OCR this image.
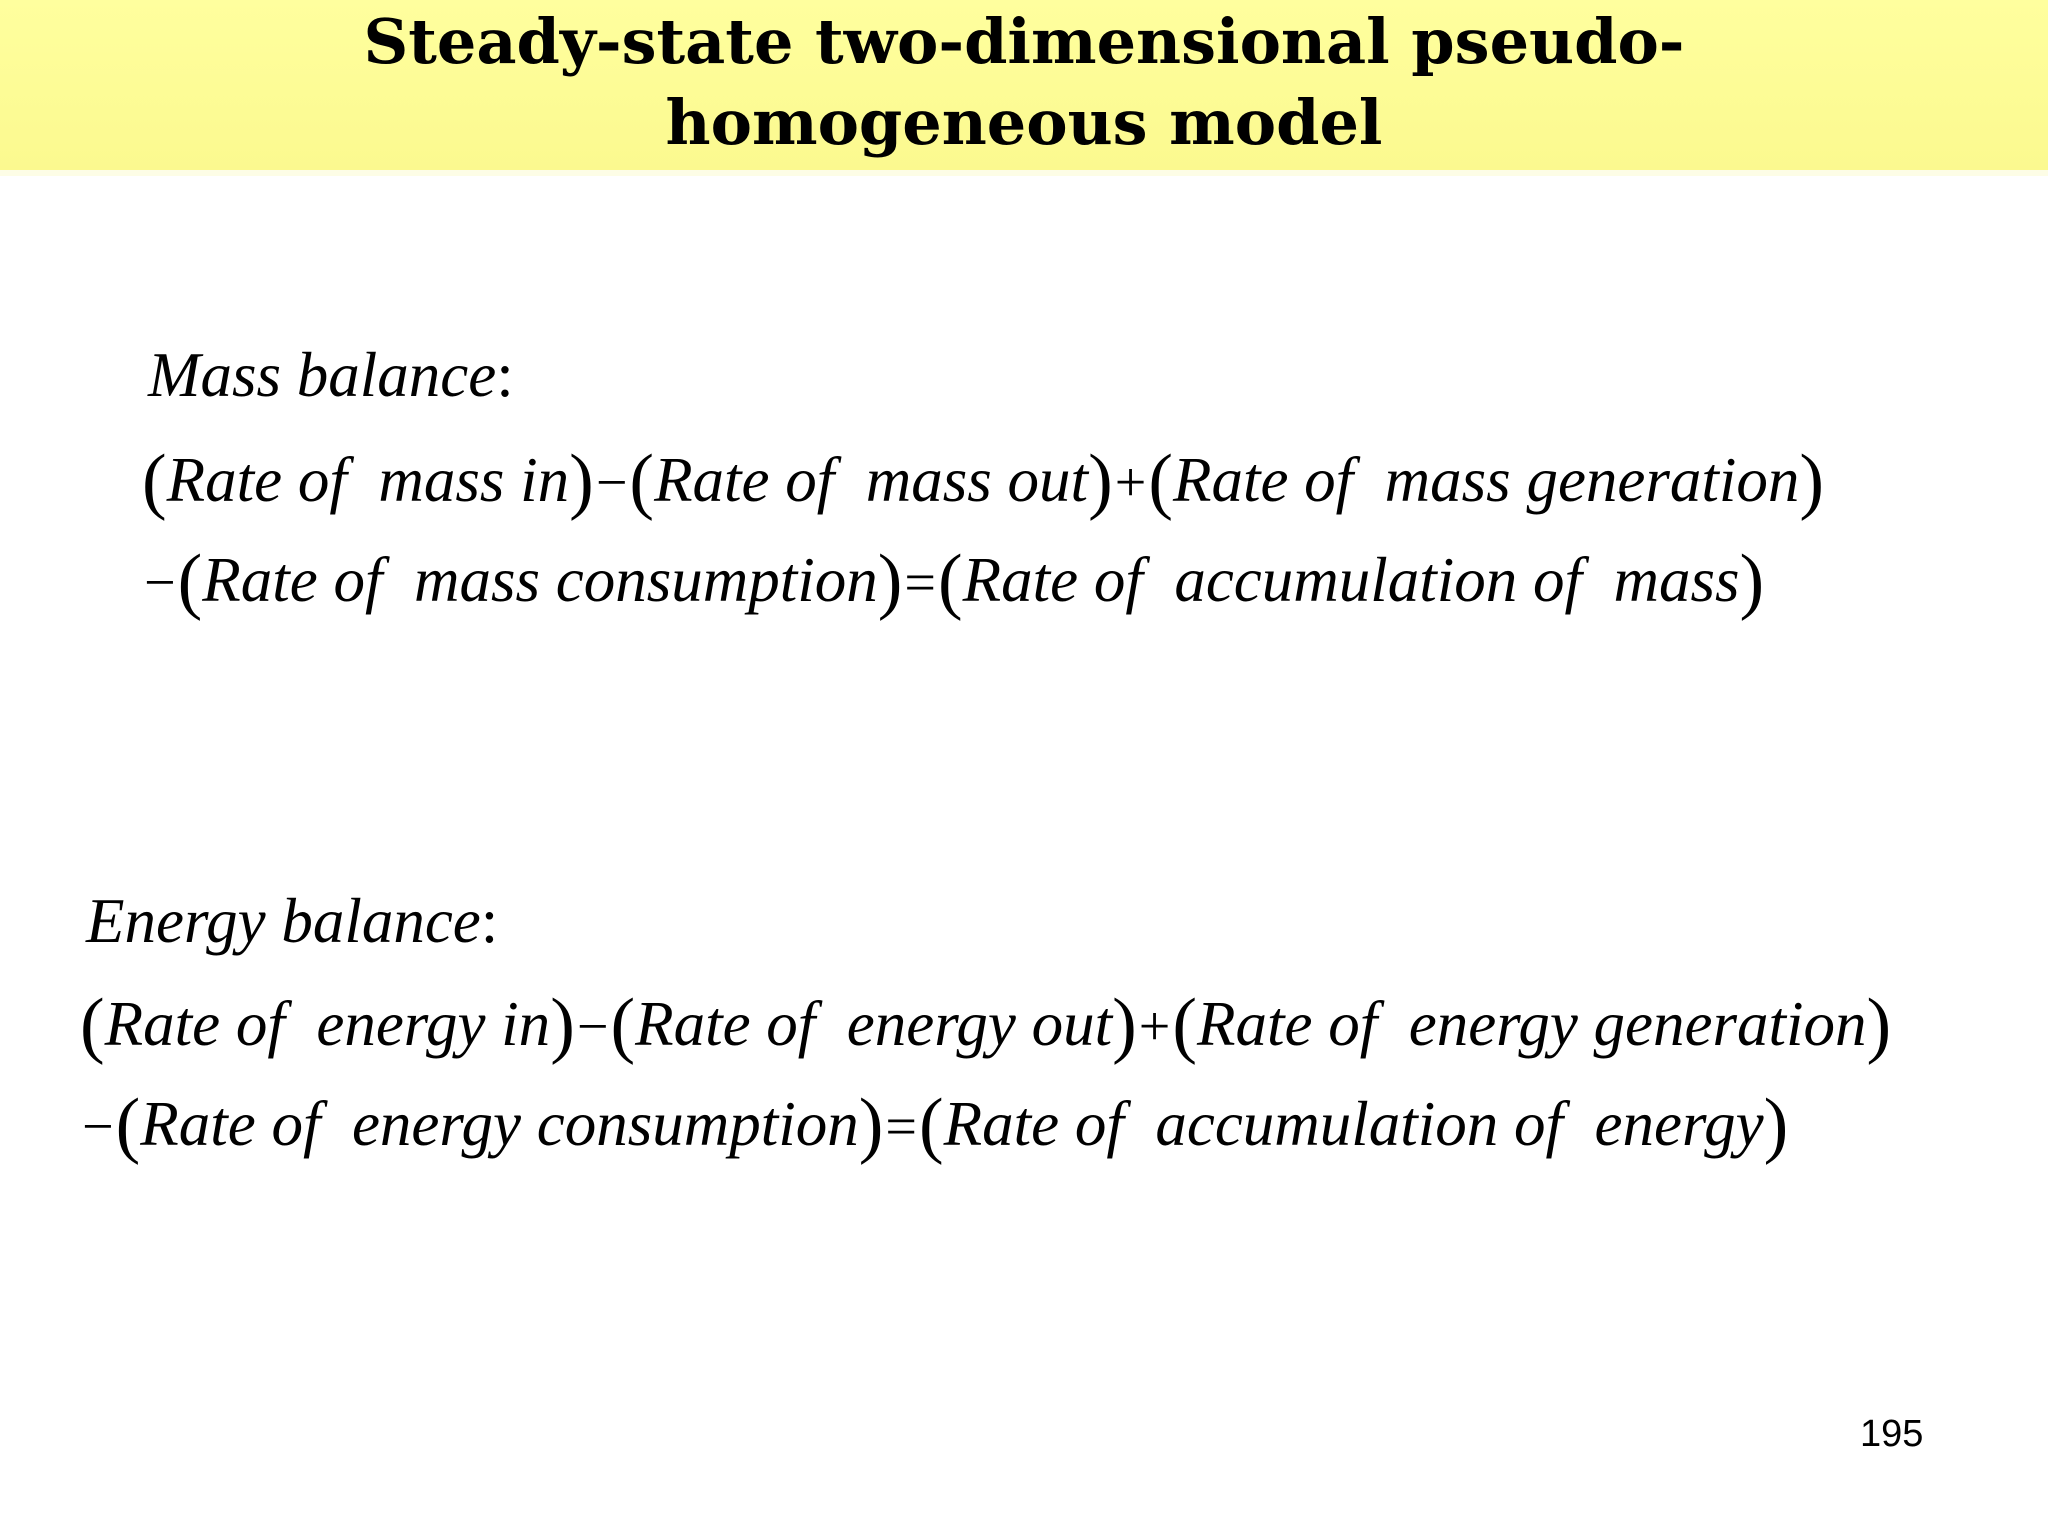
Steady-state two-dimensional pseudo-
homogeneous model
Mass balance:
(Rate of  mass in)−(Rate of  mass out)+(Rate of  mass generation)
−(Rate of  mass consumption)=(Rate of  accumulation of  mass)
Energy balance:
(Rate of  energy in)−(Rate of  energy out)+(Rate of  energy generation)
−(Rate of  energy consumption)=(Rate of  accumulation of  energy)
195
